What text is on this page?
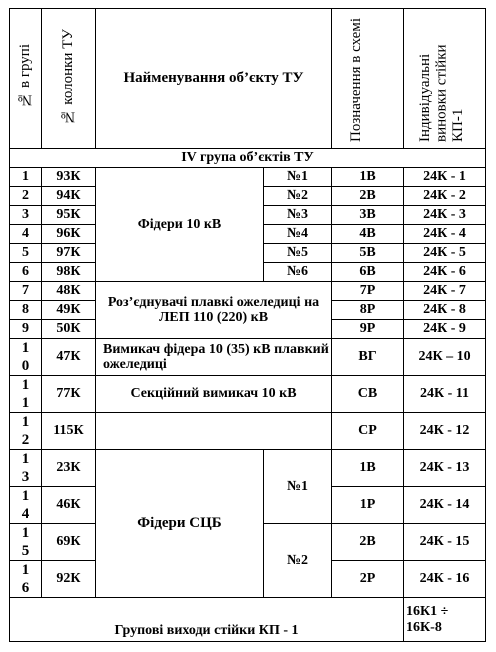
№ в групі	№ колонки ТУ	Найменування об’єкту ТУ		Позначення в схемі	Індивідуальні виновки стійки КП-1
IV група об’єктів ТУ					
1	93К	Фідери 10 кВ	№1	1В	24К - 1
2	94К		№2	2В	24К - 2
3	95К		№3	3В	24К - 3
4	96К		№4	4В	24К - 4
5	97К		№5	5В	24К - 5
6	98К		№6	6В	24К - 6
7	48К	Роз’єднувачі плавкі ожеледиці на ЛЕП 110 (220) кВ		7Р	24К - 7
8	49К			8Р	24К - 8
9	50К			9Р	24К - 9

10	47К	Вимикач фідера 10 (35) кВ плавкий ожеледиці		ВГ	24К – 10

11	77К	Секційний вимикач 10 кВ		СВ	24К - 11

12	115К			СР	24К - 12

13	23К	Фідери СЦБ	№1	1В	24К - 13

14	46К			1Р	24К - 14

15	69К		№2	2В	24К - 15

16	92К			2Р	24К - 16
Групові виходи стійки КП - 1					16К1 ÷
16К-8
